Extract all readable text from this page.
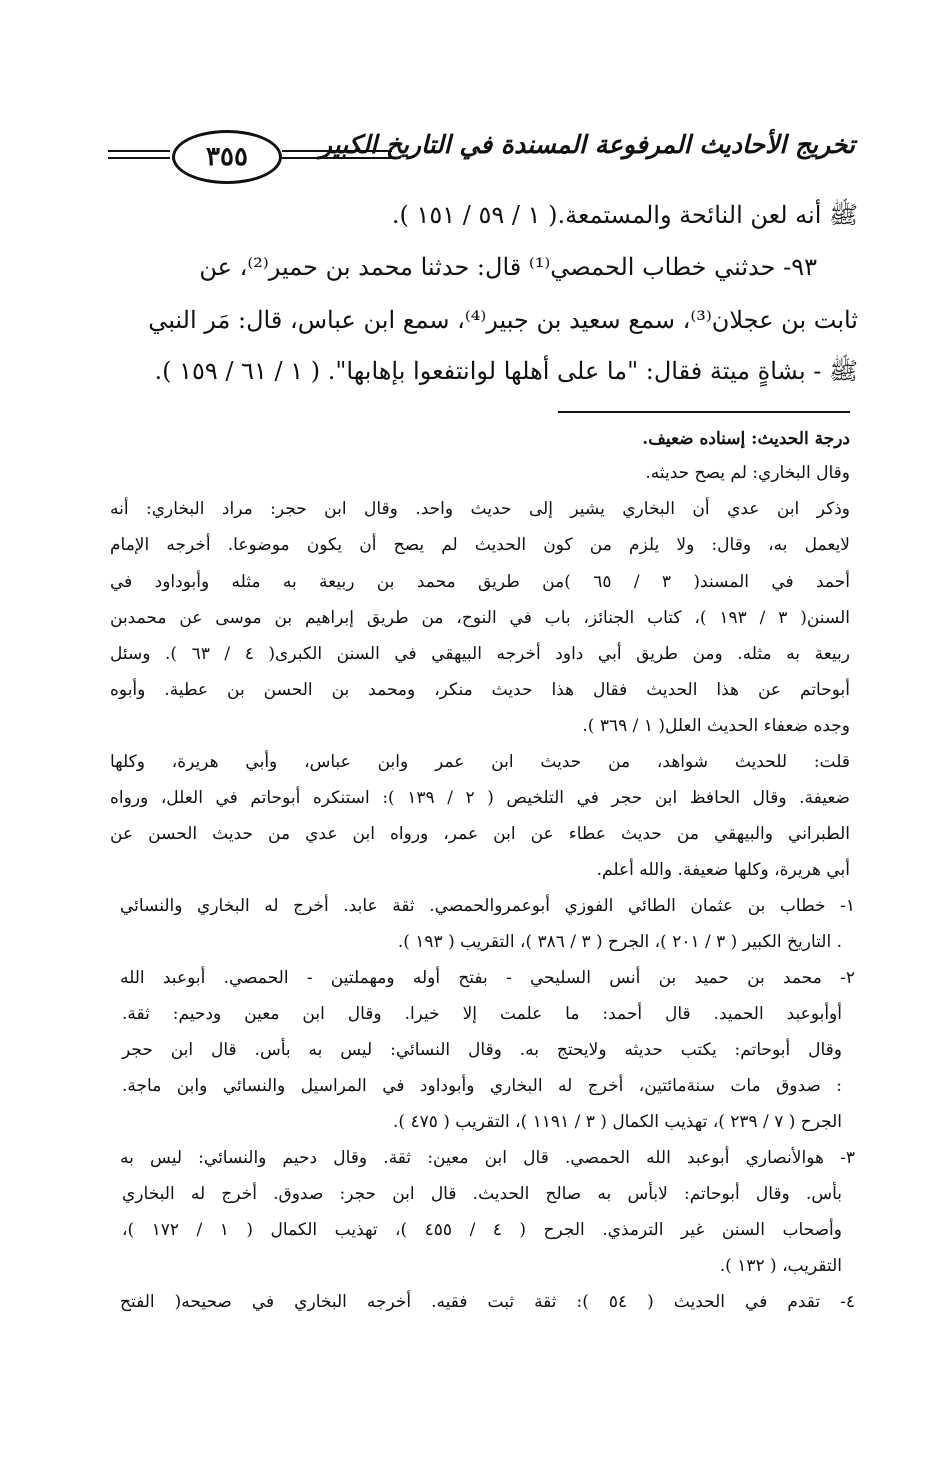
٣٥٥	تخريج الأحاديث المرفوعة المسندة في التاريخ الكبير
ﷺ أنه لعن النائحة والمستمعة.( ١ / ٥٩ / ١٥١ ).
٩٣- حدثني خطاب الحمصي⁽¹⁾ قال: حدثنا محمد بن حمير⁽²⁾، عن
ثابت بن عجلان⁽³⁾، سمع سعيد بن جبير⁽⁴⁾، سمع ابن عباس، قال: مَر النبي
ﷺ - بشاةٍ ميتة فقال: "ما على أهلها لوانتفعوا بإهابها". ( ١ / ٦١ / ١٥٩ ).
درجة الحديث: إسناده ضعيف.
وقال البخاري: لم يصح حديثه.
وذكر ابن عدي أن البخاري يشير إلى حديث واحد. وقال ابن حجر: مراد البخاري: أنه
لايعمل به، وقال: ولا يلزم من كون الحديث لم يصح أن يكون موضوعا. أخرجه الإمام
أحمد في المسند( ٣ / ٦٥ )من طريق محمد بن ربيعة به مثله وأبوداود في
السنن( ٣ / ١٩٣ )، كتاب الجنائز، باب في النوح، من طريق إبراهيم بن موسى عن محمدبن
ربيعة به مثله. ومن طريق أبي داود أخرجه البيهقي في السنن الكبرى( ٤ / ٦٣ ). وسئل
أبوحاتم عن هذا الحديث فقال هذا حديث منكر، ومحمد بن الحسن بن عطية. وأبوه
وجده ضعفاء الحديث العلل( ١ / ٣٦٩ ).
قلت: للحديث شواهد، من حديث ابن عمر وابن عباس، وأبي هريرة، وكلها
ضعيفة. وقال الحافظ ابن حجر في التلخيص ( ٢ / ١٣٩ ): استنكره أبوحاتم في العلل، ورواه
الطبراني والبيهقي من حديث عطاء عن ابن عمر، ورواه ابن عدي من حديث الحسن عن
أبي هريرة، وكلها ضعيفة. والله أعلم.
١- خطاب بن عثمان الطائي الفوزي أبوعمروالحمصي. ثقة عابد. أخرج له البخاري والنسائي
. التاريخ الكبير ( ٣ / ٢٠١ )، الجرح ( ٣ / ٣٨٦ )، التقريب ( ١٩٣ ).
٢- محمد بن حميد بن أنس السليحي - بفتح أوله ومهملتين - الحمصي. أبوعبد الله
أوأبوعبد الحميد. قال أحمد: ما علمت إلا خيرا. وقال ابن معين ودحيم: ثقة.
وقال أبوحاتم: يكتب حديثه ولايحتج به. وقال النسائي: ليس به بأس. قال ابن حجر
: صدوق مات سنةمائتين، أخرج له البخاري وأبوداود في المراسيل والنسائي وابن ماجة.
الجرح ( ٧ / ٢٣٩ )، تهذيب الكمال ( ٣ / ١١٩١ )، التقريب ( ٤٧٥ ).
٣- هوالأنصاري أبوعبد الله الحمصي. قال ابن معين: ثقة. وقال دحيم والنسائي: ليس به
بأس. وقال أبوحاتم: لابأس به صالح الحديث. قال ابن حجر: صدوق. أخرج له البخاري
وأصحاب السنن غير الترمذي. الجرح ( ٤ / ٤٥٥ )، تهذيب الكمال ( ١ / ١٧٢ )،
التقريب، ( ١٣٢ ).
٤- تقدم في الحديث ( ٥٤ ): ثقة ثبت فقيه. أخرجه البخاري في صحيحه( الفتح
